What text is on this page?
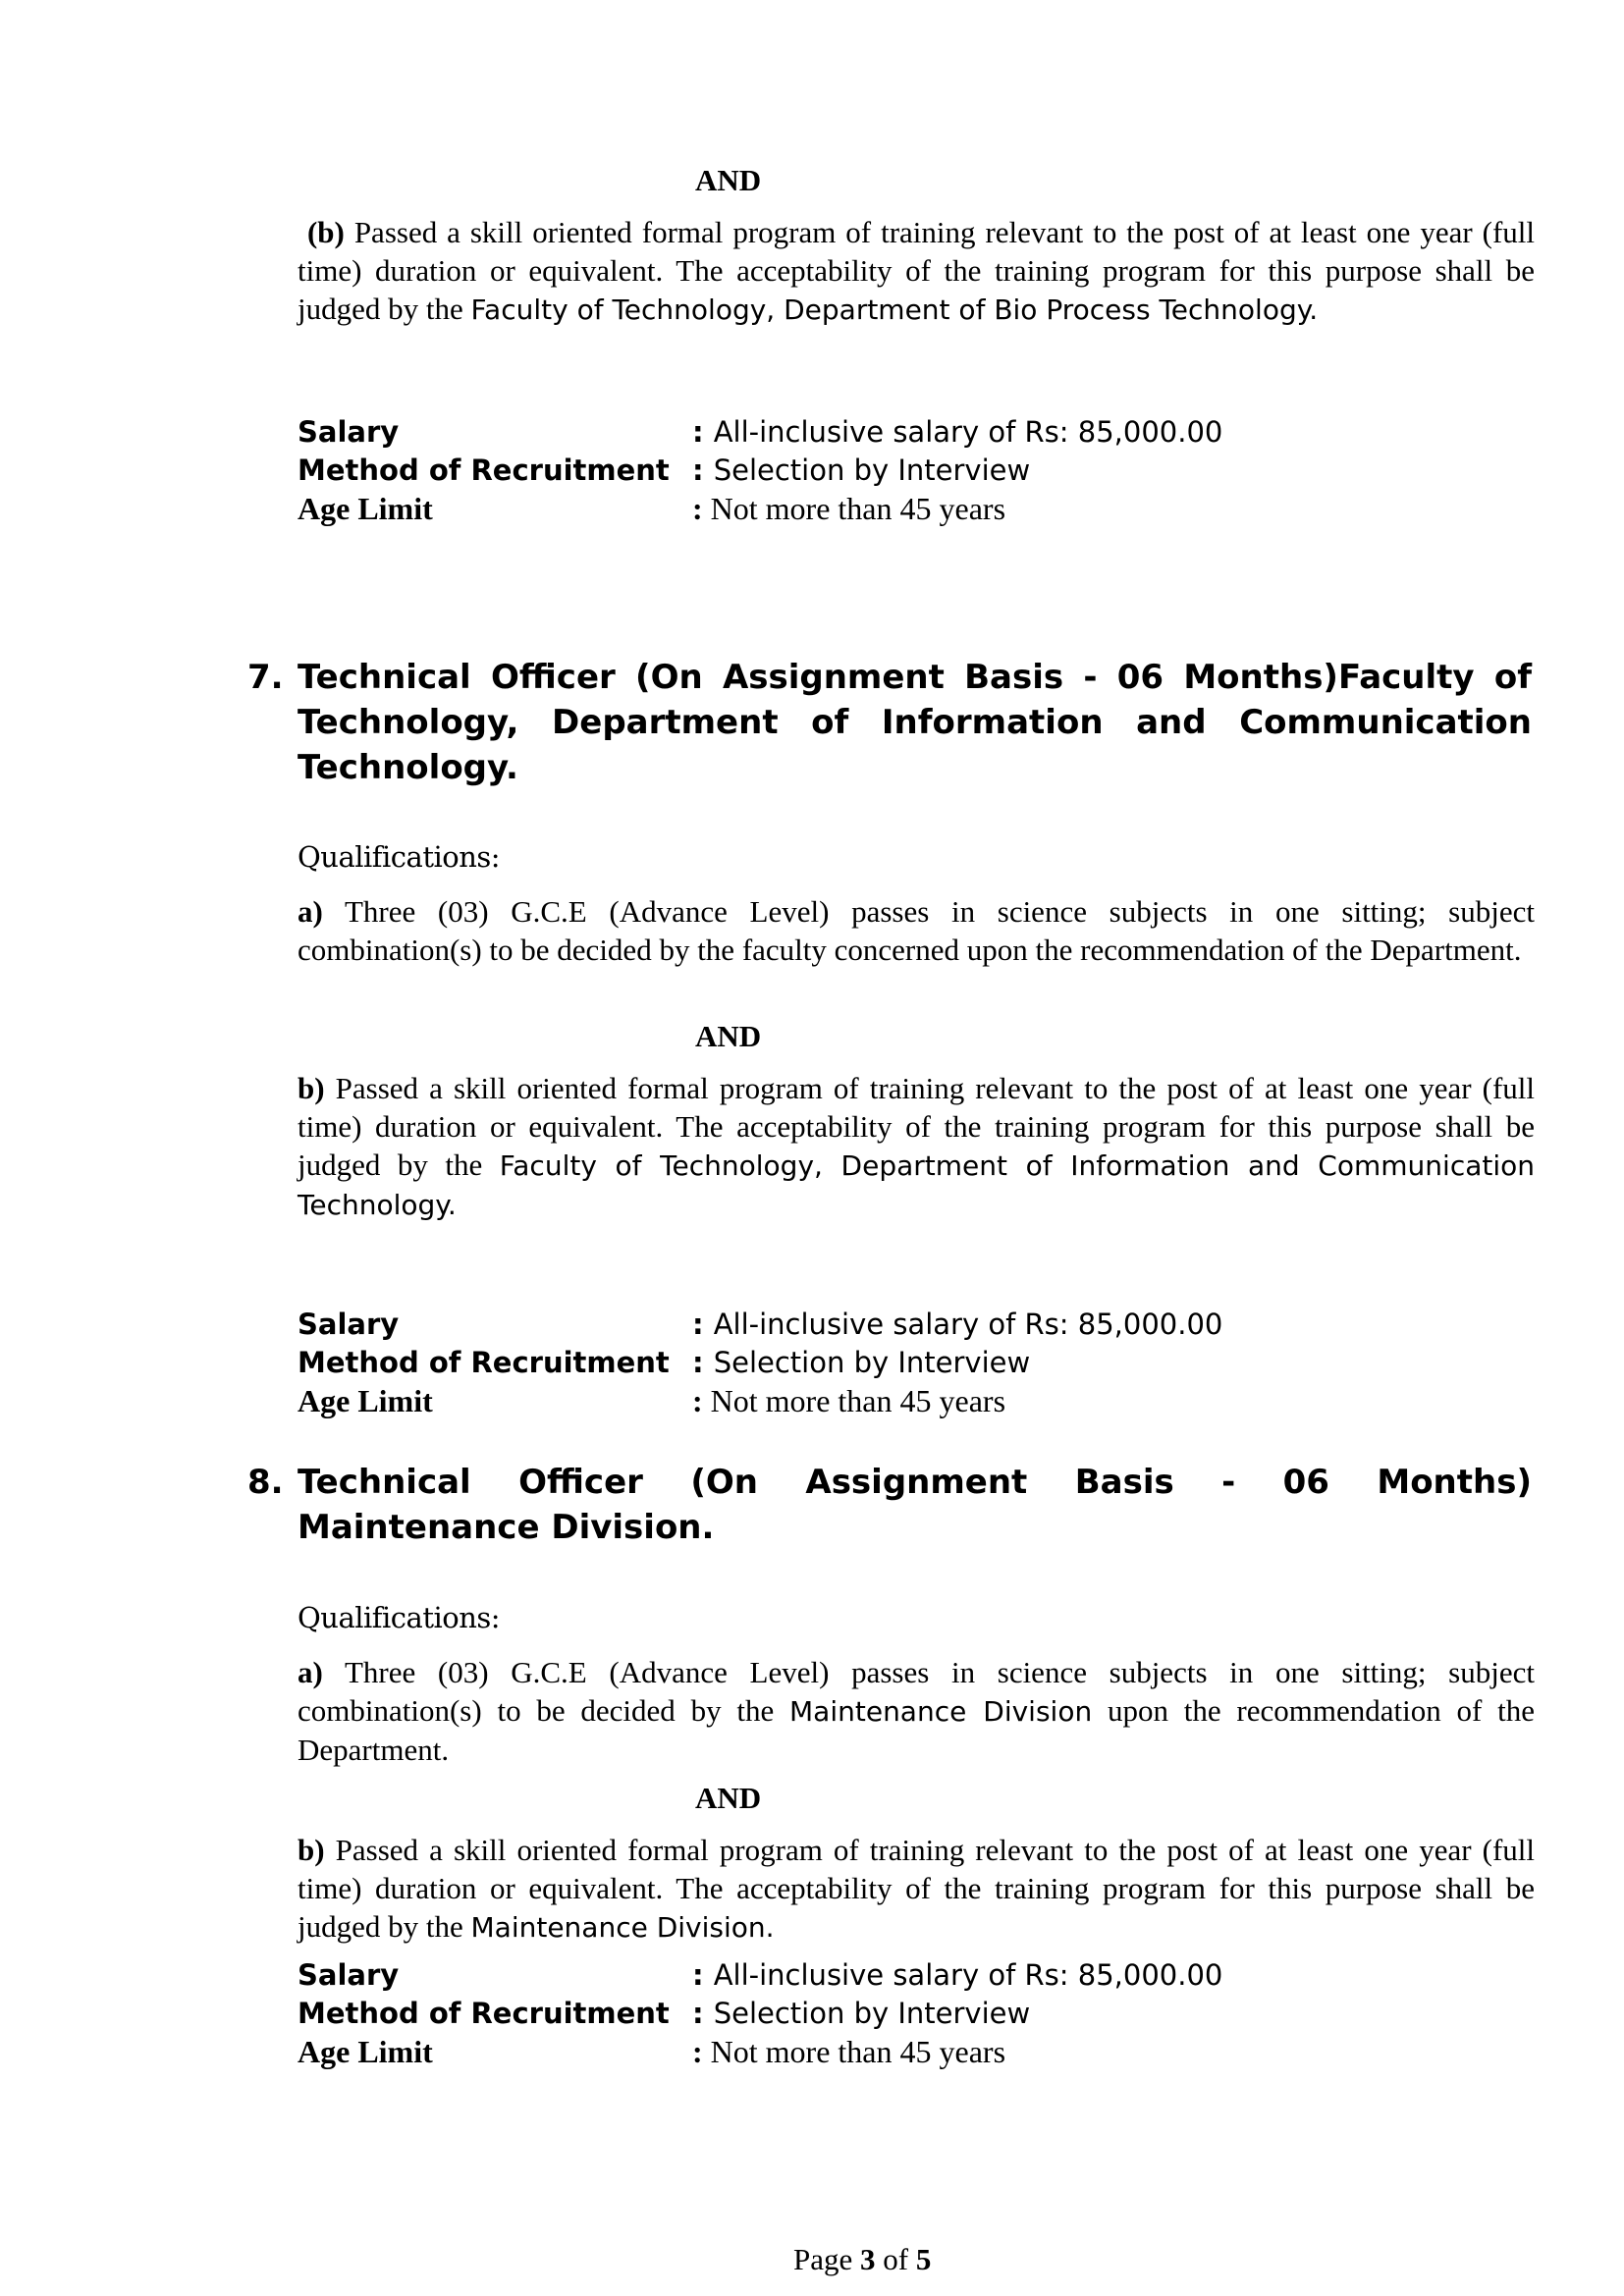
AND
(b) Passed a skill oriented formal program of training relevant to the post of at least one year (full time) duration or equivalent. The acceptability of the training program for this purpose shall be judged by the Faculty of Technology, Department of Bio Process Technology.
Salary	: All-inclusive salary of Rs: 85,000.00
Method of Recruitment : Selection by Interview
Age Limit	: Not more than 45 years
7. Technical Officer (On Assignment Basis - 06 Months)Faculty of Technology, Department of Information and Communication Technology.
Qualifications:
a) Three (03) G.C.E (Advance Level) passes in science subjects in one sitting; subject combination(s) to be decided by the faculty concerned upon the recommendation of the Department.
AND
b) Passed a skill oriented formal program of training relevant to the post of at least one year (full time) duration or equivalent. The acceptability of the training program for this purpose shall be judged by the Faculty of Technology, Department of Information and Communication Technology.
Salary	: All-inclusive salary of Rs: 85,000.00
Method of Recruitment : Selection by Interview
Age Limit	: Not more than 45 years
8. Technical Officer (On Assignment Basis - 06 Months) Maintenance Division.
Qualifications:
a) Three (03) G.C.E (Advance Level) passes in science subjects in one sitting; subject combination(s) to be decided by the Maintenance Division upon the recommendation of the Department.
AND
b) Passed a skill oriented formal program of training relevant to the post of at least one year (full time) duration or equivalent. The acceptability of the training program for this purpose shall be judged by the Maintenance Division.
Salary	: All-inclusive salary of Rs: 85,000.00
Method of Recruitment : Selection by Interview
Age Limit	: Not more than 45 years
Page 3 of 5
